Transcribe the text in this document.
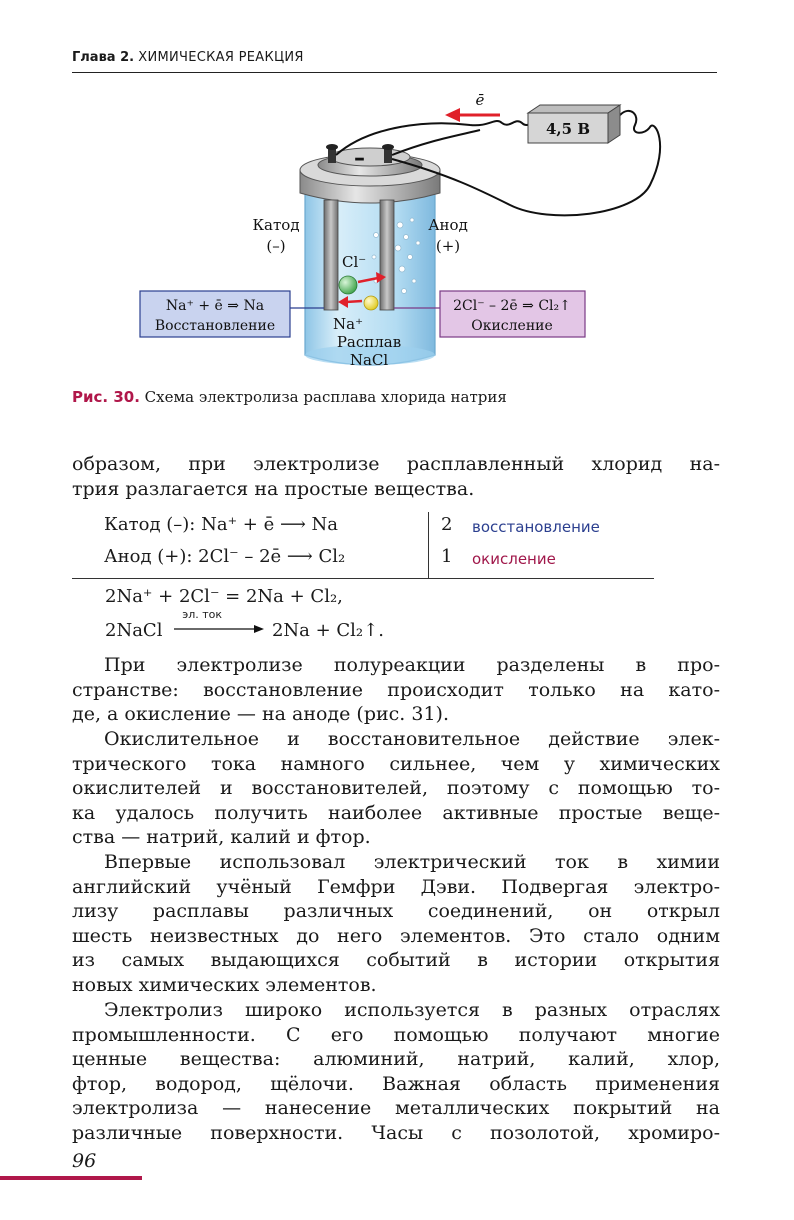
Глава 2. ХИМИЧЕСКАЯ РЕАКЦИЯ
–
4,5 В
ē
Катод
(–)
Анод
(+)
Cl⁻
Na⁺
Расплав
NaCl
Na⁺ + ē ⇒ Na
Восстановление
2Cl⁻ – 2ē ⇒ Cl₂↑
Окисление
Рис. 30. Схема электролиза расплава хлорида натрия
образом, при электролизе расплавленный хлорид на-
трия разлагается на простые вещества.
Катод (–): Na⁺ + ē ⟶ Na
Анод (+): 2Cl⁻ – 2ē ⟶ Cl₂
2
1
восстановление
окисление
2Na⁺ + 2Cl⁻ = 2Na + Cl₂,
2NaCl
эл. ток
2Na + Cl₂↑.
При электролизе полуреакции разделены в про-
странстве: восстановление происходит только на като-
де, а окисление — на аноде (рис. 31).
Окислительное и восстановительное действие элек-
трического тока намного сильнее, чем у химических
окислителей и восстановителей, поэтому с помощью то-
ка удалось получить наиболее активные простые веще-
ства — натрий, калий и фтор.
Впервые использовал электрический ток в химии
английский учёный Гемфри Дэви. Подвергая электро-
лизу расплавы различных соединений, он открыл
шесть неизвестных до него элементов. Это стало одним
из самых выдающихся событий в истории открытия
новых химических элементов.
Электролиз широко используется в разных отраслях
промышленности. С его помощью получают многие
ценные вещества: алюминий, натрий, калий, хлор,
фтор, водород, щёлочи. Важная область применения
электролиза — нанесение металлических покрытий на
различные поверхности. Часы с позолотой, хромиро-
96
